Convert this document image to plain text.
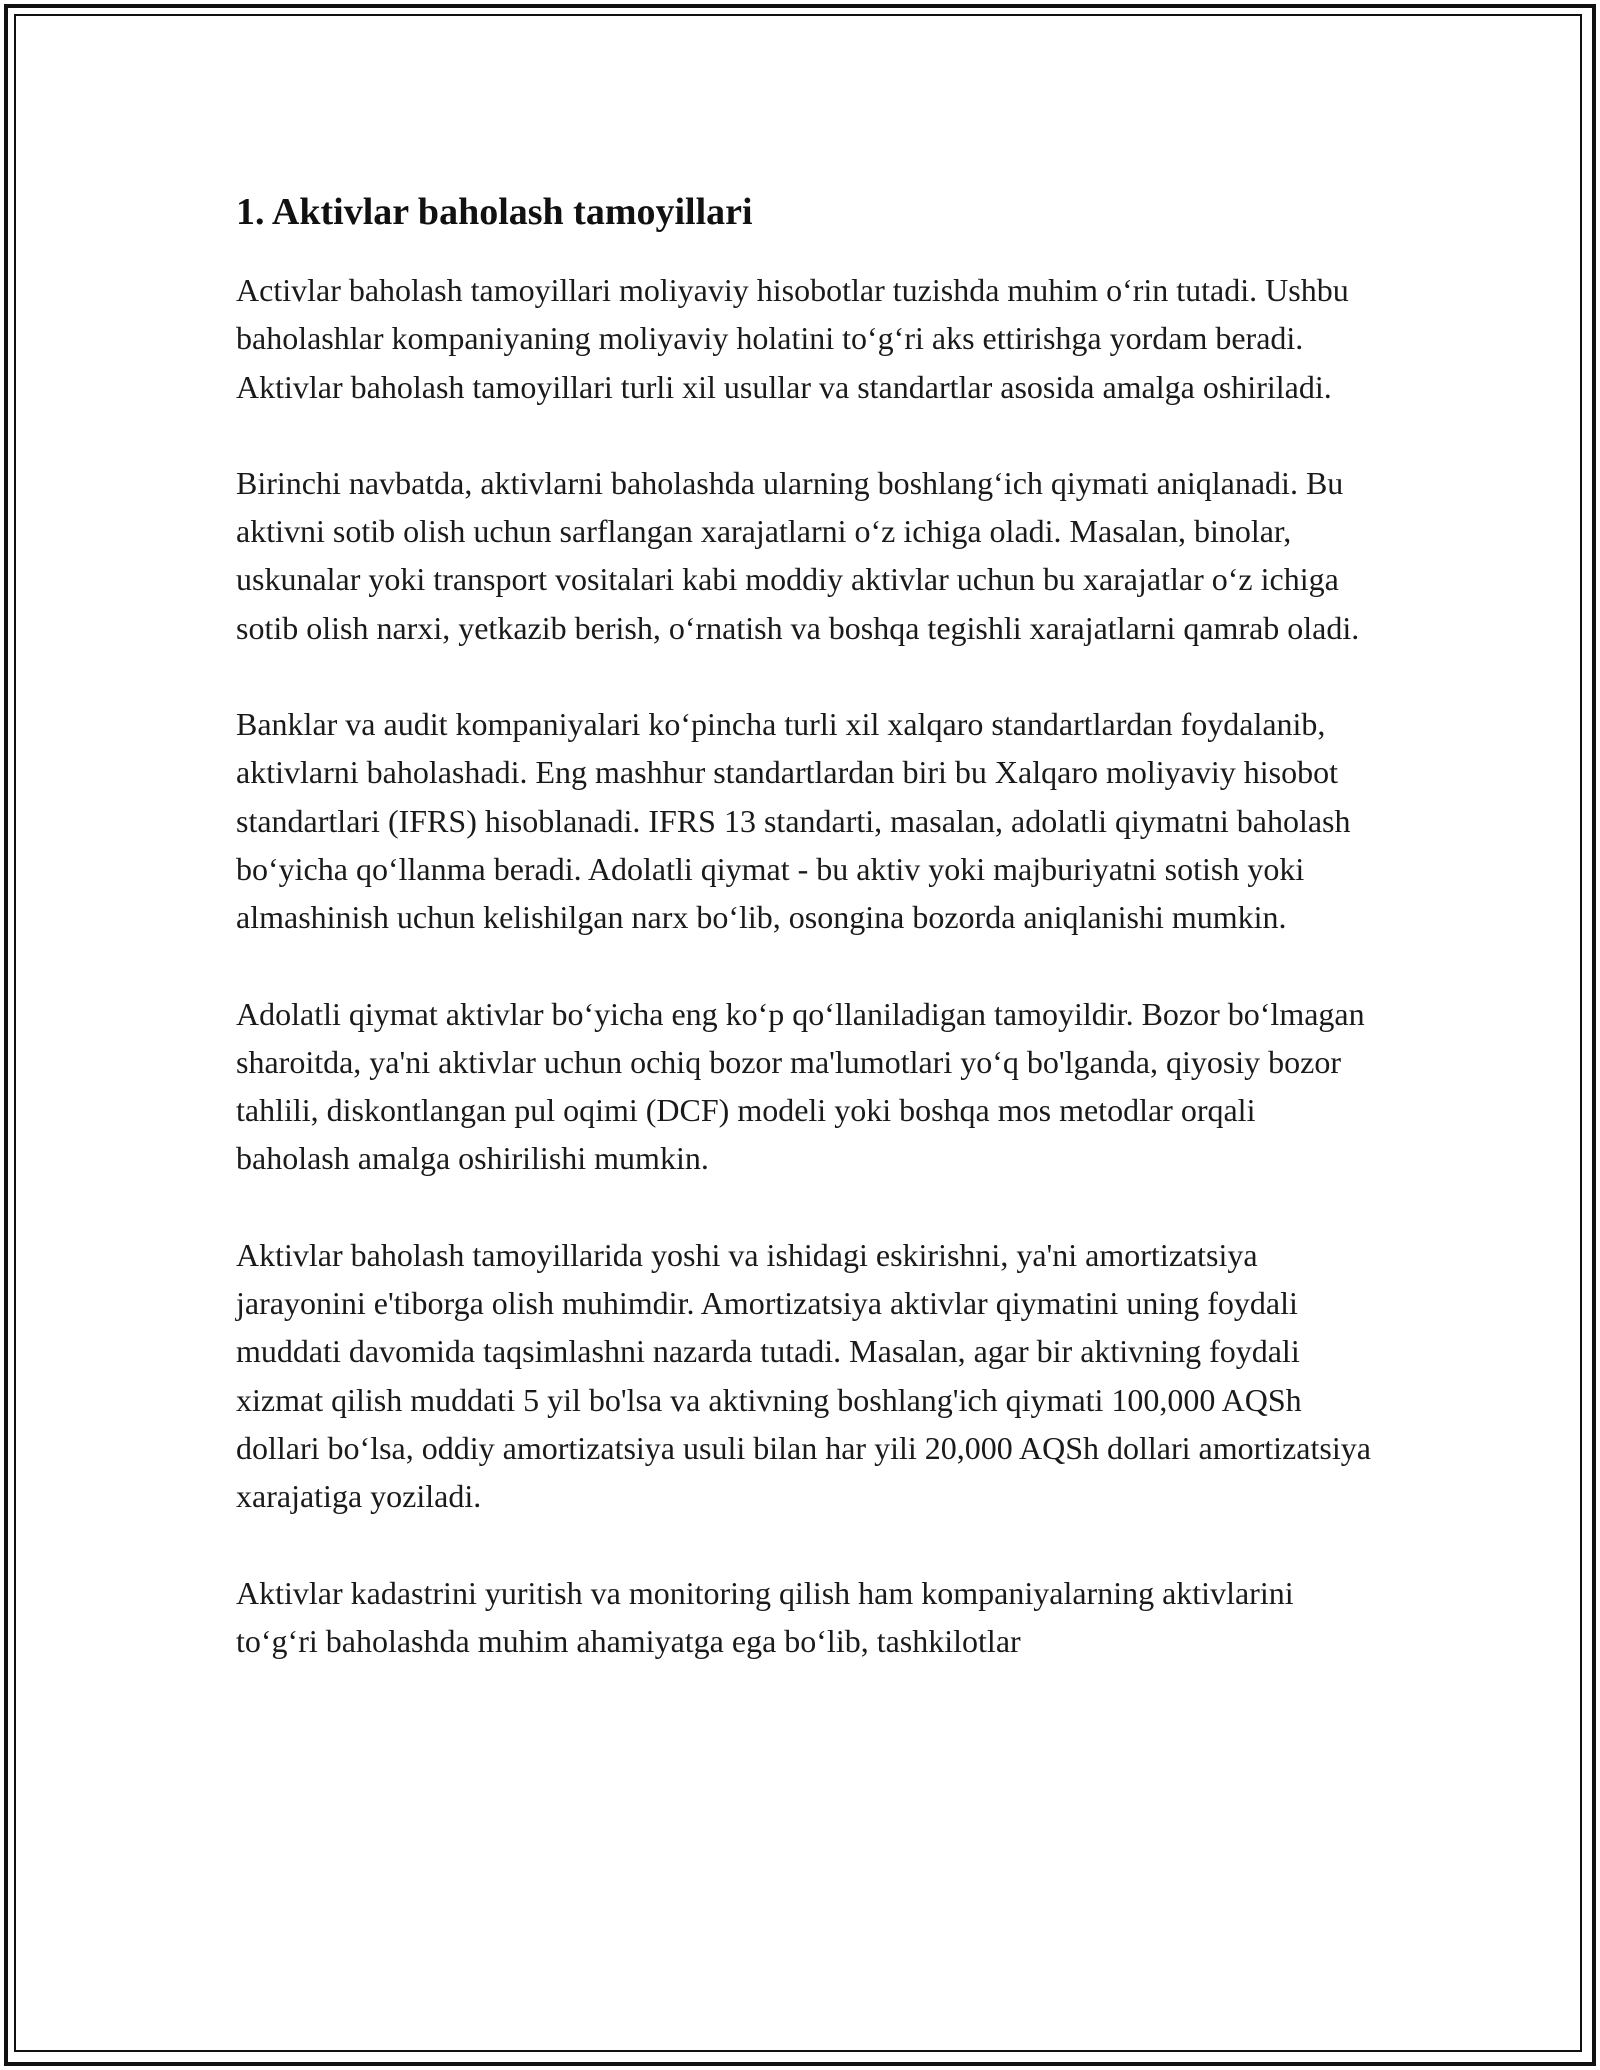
1. Aktivlar baholash tamoyillari

Activlar baholash tamoyillari moliyaviy hisobotlar tuzishda muhim o‘rin tutadi. Ushbu baholashlar kompaniyaning moliyaviy holatini to‘g‘ri aks ettirishga yordam beradi. Aktivlar baholash tamoyillari turli xil usullar va standartlar asosida amalga oshiriladi.

Birinchi navbatda, aktivlarni baholashda ularning boshlang‘ich qiymati aniqlanadi. Bu aktivni sotib olish uchun sarflangan xarajatlarni o‘z ichiga oladi. Masalan, binolar, uskunalar yoki transport vositalari kabi moddiy aktivlar uchun bu xarajatlar o‘z ichiga sotib olish narxi, yetkazib berish, o‘rnatish va boshqa tegishli xarajatlarni qamrab oladi.

Banklar va audit kompaniyalari ko‘pincha turli xil xalqaro standartlardan foydalanib, aktivlarni baholashadi. Eng mashhur standartlardan biri bu Xalqaro moliyaviy hisobot standartlari (IFRS) hisoblanadi. IFRS 13 standarti, masalan, adolatli qiymatni baholash bo‘yicha qo‘llanma beradi. Adolatli qiymat - bu aktiv yoki majburiyatni sotish yoki almashinish uchun kelishilgan narx bo‘lib, osongina bozorda aniqlanishi mumkin.

Adolatli qiymat aktivlar bo‘yicha eng ko‘p qo‘llaniladigan tamoyildir. Bozor bo‘lmagan sharoitda, ya'ni aktivlar uchun ochiq bozor ma'lumotlari yo‘q bo'lganda, qiyosiy bozor tahlili, diskontlangan pul oqimi (DCF) modeli yoki boshqa mos metodlar orqali baholash amalga oshirilishi mumkin.

Aktivlar baholash tamoyillarida yoshi va ishidagi eskirishni, ya'ni amortizatsiya jarayonini e'tiborga olish muhimdir. Amortizatsiya aktivlar qiymatini uning foydali muddati davomida taqsimlashni nazarda tutadi. Masalan, agar bir aktivning foydali xizmat qilish muddati 5 yil bo'lsa va aktivning boshlang'ich qiymati 100,000 AQSh dollari bo‘lsa, oddiy amortizatsiya usuli bilan har yili 20,000 AQSh dollari amortizatsiya xarajatiga yoziladi.

Aktivlar kadastrini yuritish va monitoring qilish ham kompaniyalarning aktivlarini to‘g‘ri baholashda muhim ahamiyatga ega bo‘lib, tashkilotlar
